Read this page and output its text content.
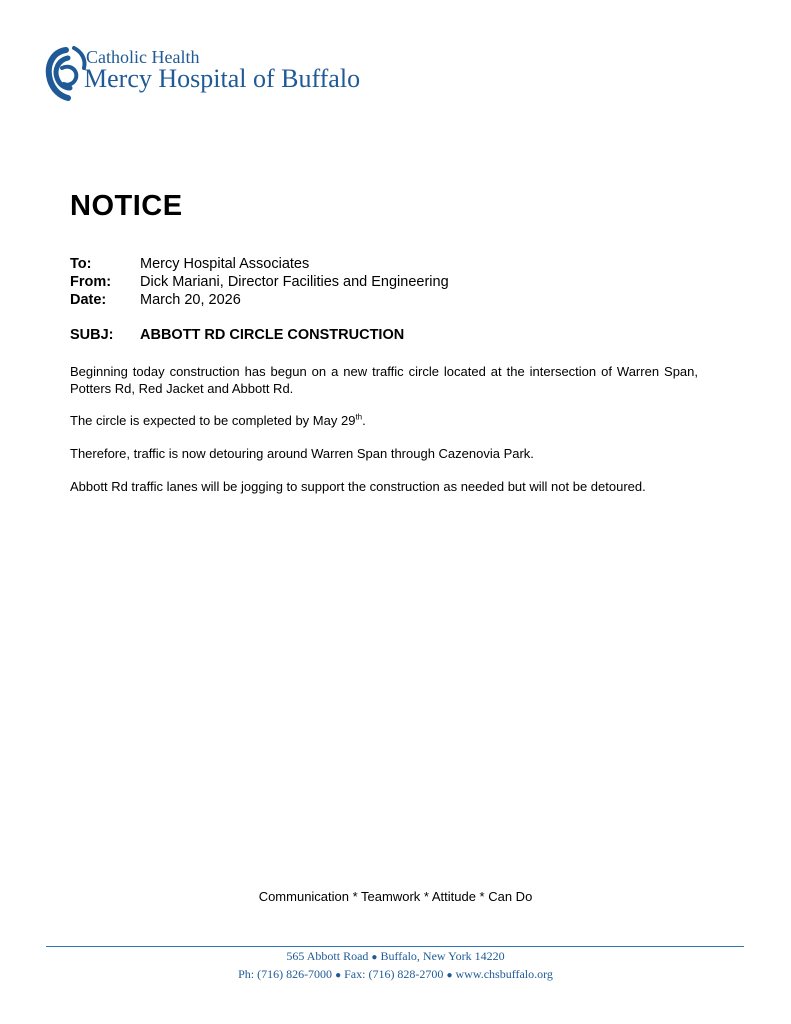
Catholic Health
Mercy Hospital of Buffalo
NOTICE
To:	Mercy Hospital Associates
From:	Dick Mariani, Director Facilities and Engineering
Date:	March 20, 2026
SUBJ:	ABBOTT RD CIRCLE CONSTRUCTION
Beginning today construction has begun on a new traffic circle located at the intersection of Warren Span, Potters Rd, Red Jacket and Abbott Rd.
The circle is expected to be completed by May 29th.
Therefore, traffic is now detouring around Warren Span through Cazenovia Park.
Abbott Rd traffic lanes will be jogging to support the construction as needed but will not be detoured.
Communication * Teamwork * Attitude * Can Do
565 Abbott Road ● Buffalo, New York 14220
Ph: (716) 826-7000 ● Fax: (716) 828-2700 ● www.chsbuffalo.org
